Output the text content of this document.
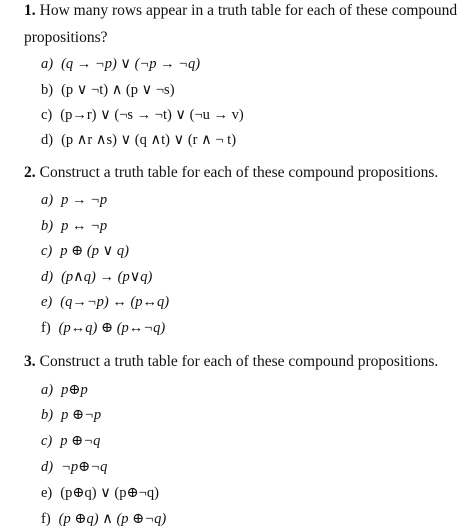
1. How many rows appear in a truth table for each of these compound
propositions?
a) (q → ¬p) ∨ (¬p → ¬q)
b) (p ∨ ¬t) ∧ (p ∨ ¬s)
c) (p→r) ∨ (¬s → ¬t) ∨ (¬u → v)
d) (p ∧r ∧s) ∨ (q ∧t) ∨ (r ∧ ¬ t)
2. Construct a truth table for each of these compound propositions.
a) p → ¬p
b) p ↔ ¬p
c) p ⊕ (p ∨ q)
d) (p∧q) → (p∨q)
e) (q→¬p) ↔ (p↔q)
f) (p↔q) ⊕ (p↔¬q)
3. Construct a truth table for each of these compound propositions.
a) p⊕p
b) p ⊕¬p
c) p ⊕¬q
d) ¬p⊕¬q
e) (p⊕q) ∨ (p⊕¬q)
f) (p ⊕q) ∧ (p ⊕¬q)
